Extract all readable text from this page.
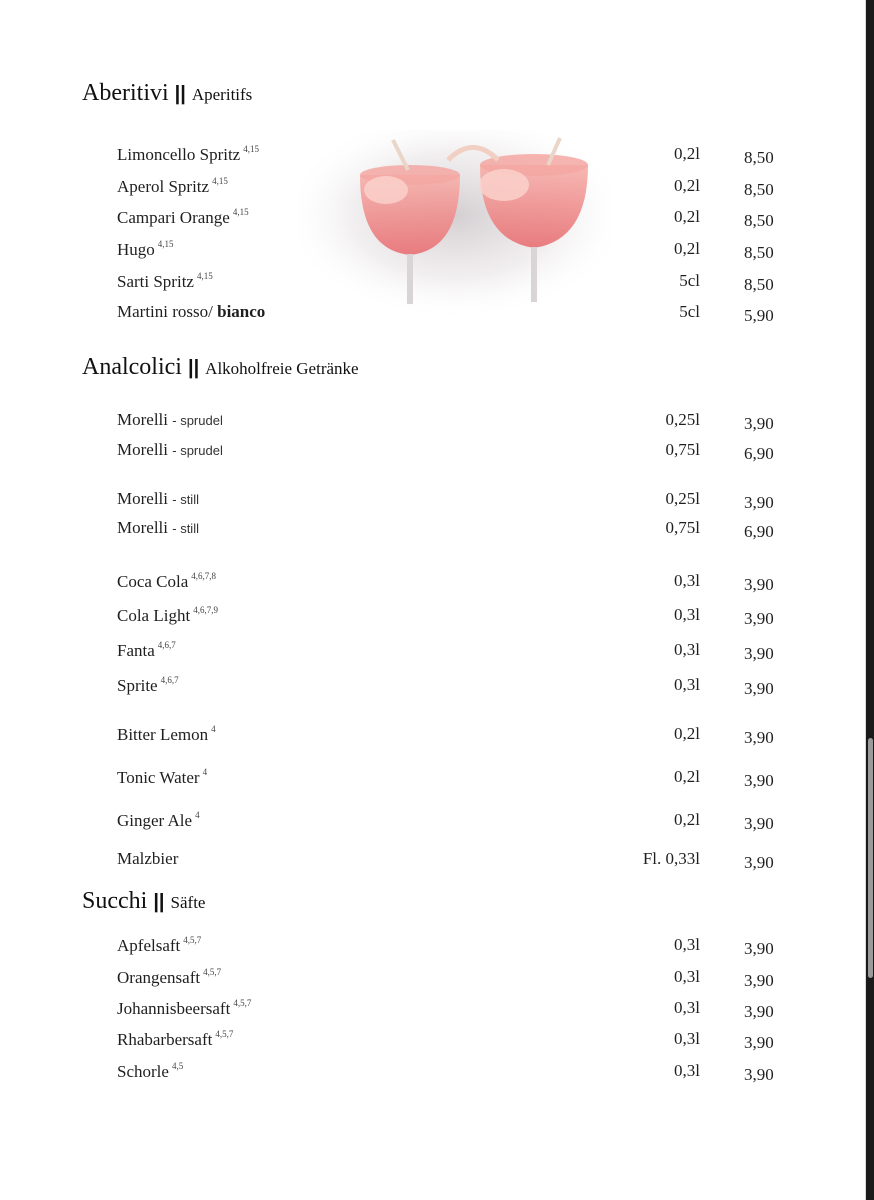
Aberitivi || Aperitifs
Limoncello Spritz $^{4,15}$	0,2l	8,50
Aperol Spritz $^{4,15}$	0,2l	8,50
Campari Orange $^{4,15}$	0,2l	8,50
Hugo $^{4,15}$	0,2l	8,50
Sarti Spritz $^{4,15}$	5cl	8,50
Martini rosso/ bianco	5cl	5,90
Analcolici || Alkoholfreie Getränke
Morelli - sprudel	0,25l	3,90
Morelli - sprudel	0,75l	6,90
Morelli - still	0,25l	3,90
Morelli - still	0,75l	6,90
Coca Cola $^{4,6,7,8}$	0,3l	3,90
Cola Light $^{4,6,7,9}$	0,3l	3,90
Fanta $^{4,6,7}$	0,3l	3,90
Sprite $^{4,6,7}$	0,3l	3,90
Bitter Lemon $^4$	0,2l	3,90
Tonic Water $^4$	0,2l	3,90
Ginger Ale $^4$	0,2l	3,90
Malzbier	Fl. 0,33l	3,90
Succhi || Säfte
Apfelsaft $^{4,5,7}$	0,3l	3,90
Orangensaft $^{4,5,7}$	0,3l	3,90
Johannisbeersaft $^{4,5,7}$	0,3l	3,90
Rhabarbersaft $^{4,5,7}$	0,3l	3,90
Schorle $^{4,5}$	0,3l	3,90
